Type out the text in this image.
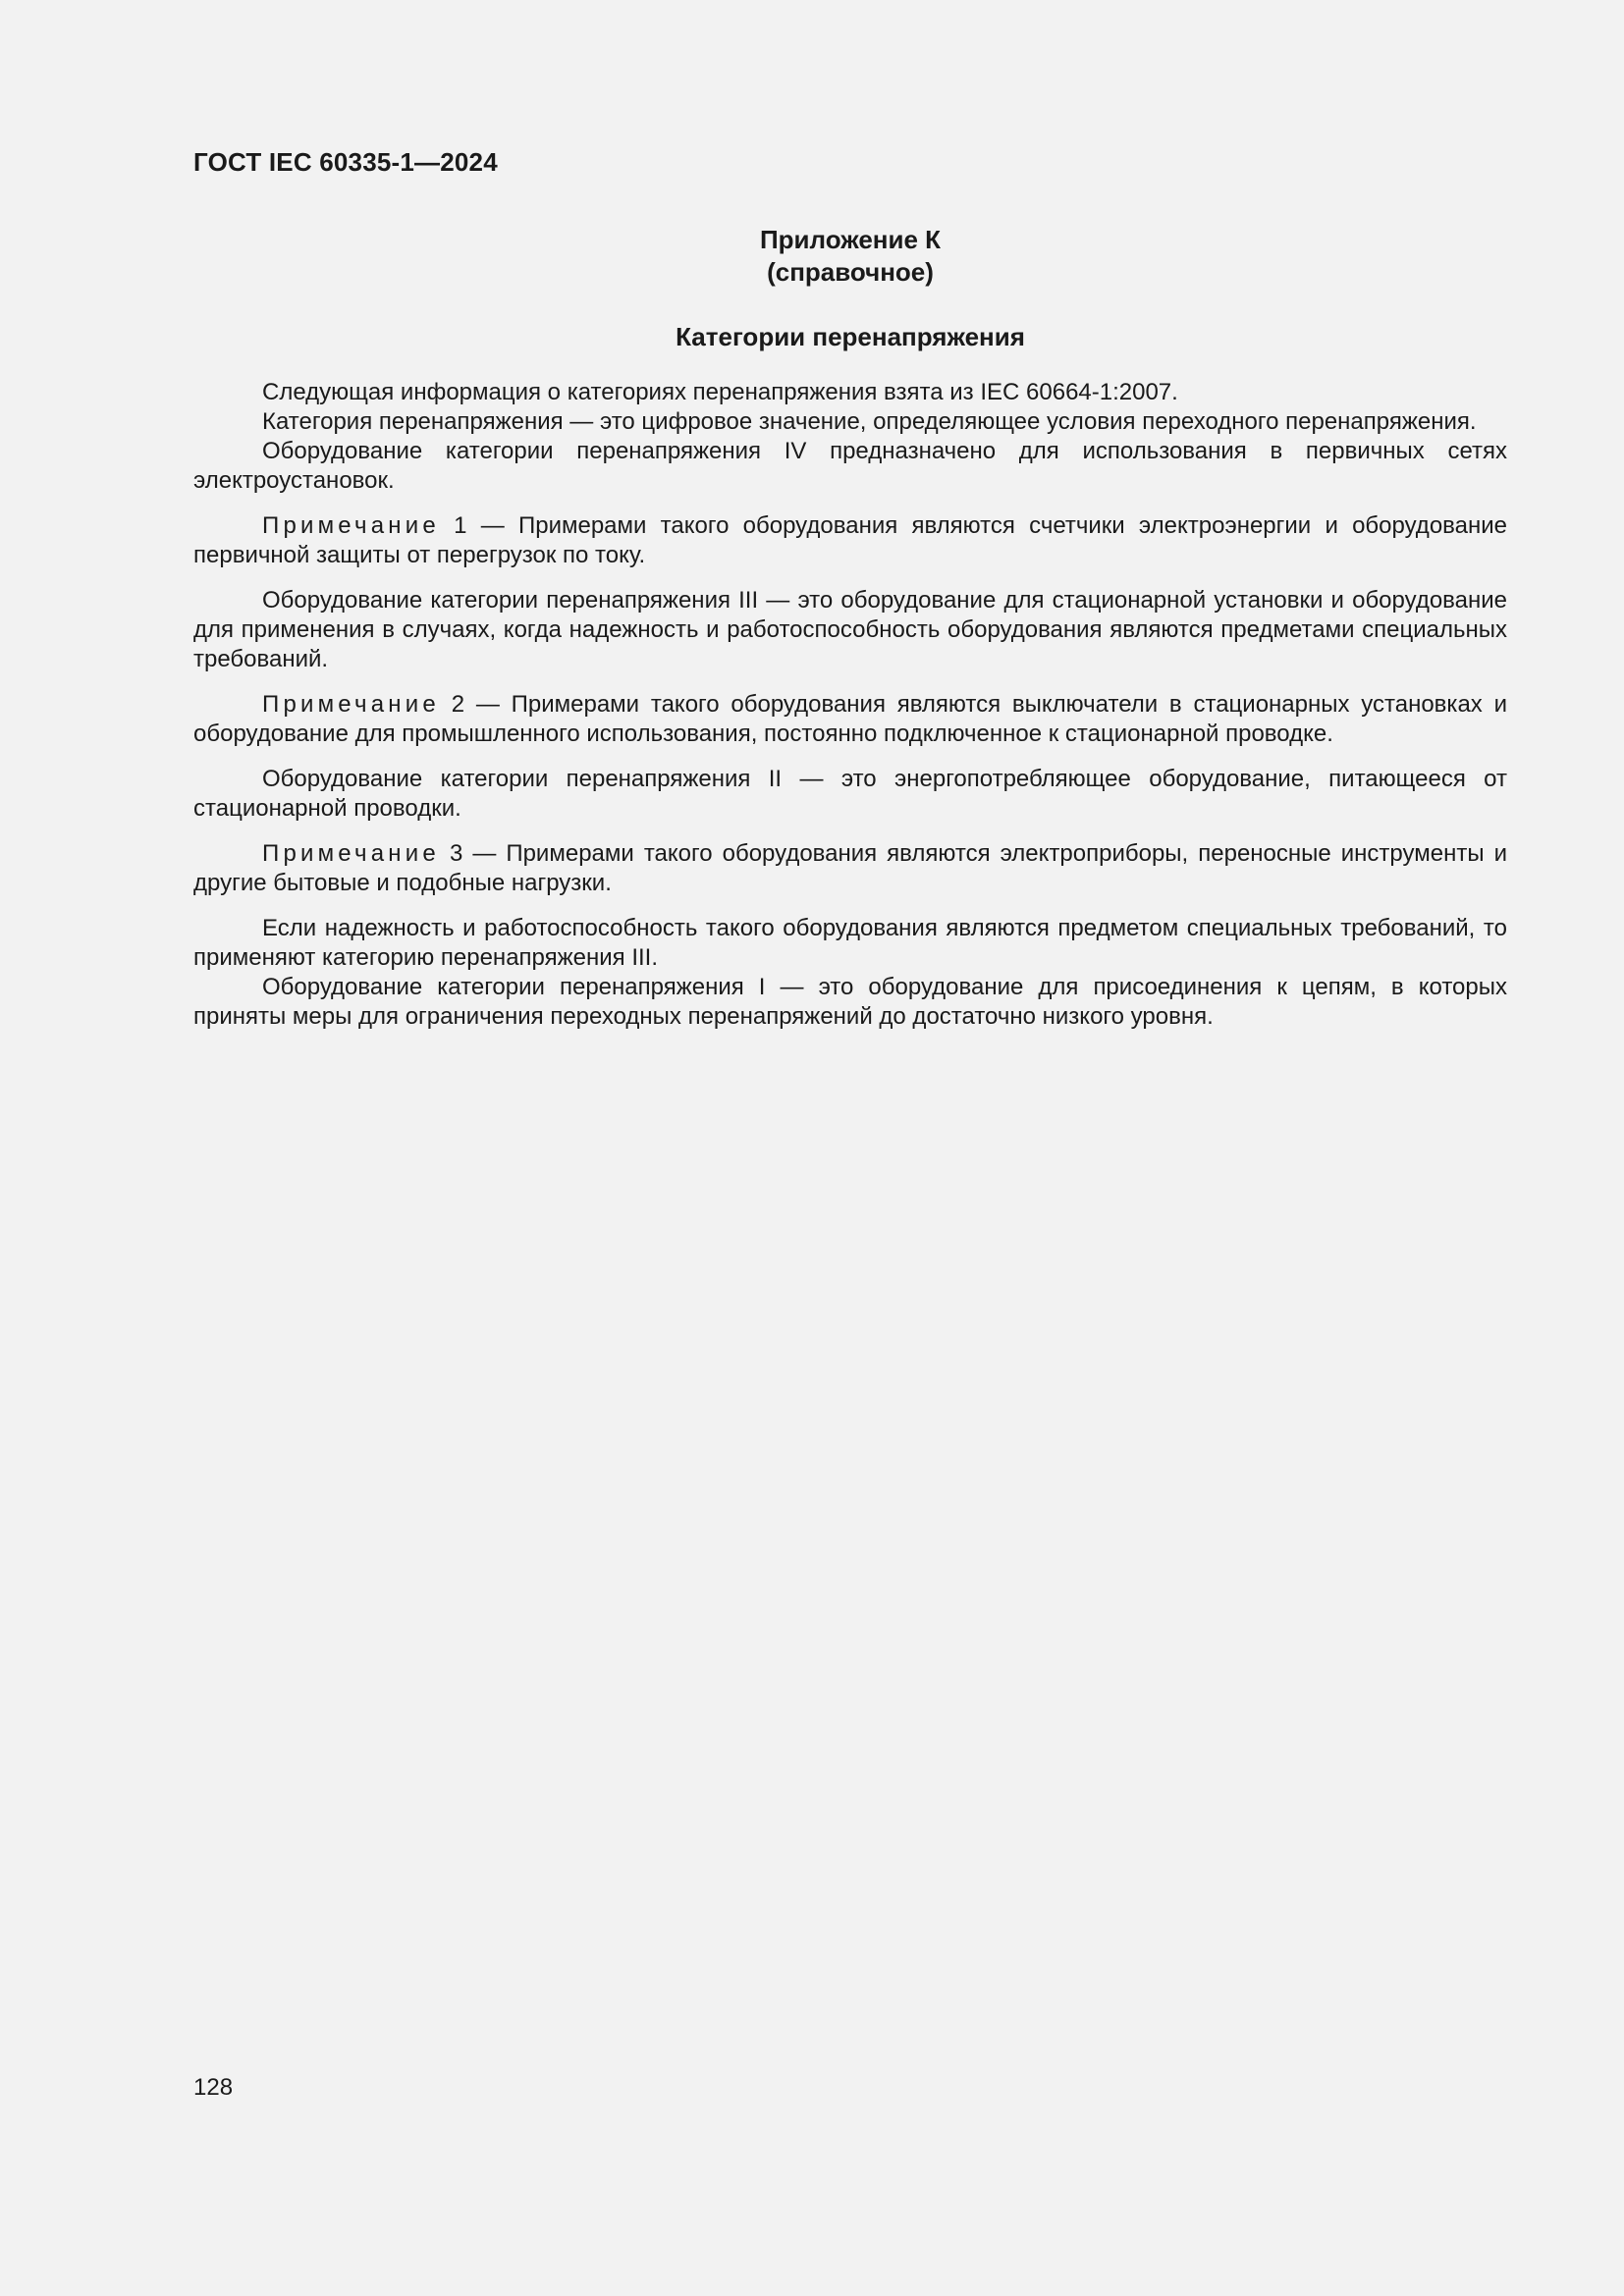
ГОСТ IEC 60335-1—2024
Приложение К
(справочное)
Категории перенапряжения

Следующая информация о категориях перенапряжения взята из IEC 60664-1:2007.

Категория перенапряжения — это цифровое значение, определяющее условия переходного перенапряжения.

Оборудование категории перенапряжения IV предназначено для использования в первичных сетях электроустановок.

Примечание 1 — Примерами такого оборудования являются счетчики электроэнергии и оборудование первичной защиты от перегрузок по току.

Оборудование категории перенапряжения III — это оборудование для стационарной установки и оборудование для применения в случаях, когда надежность и работоспособность оборудования являются предметами специальных требований.

Примечание 2 — Примерами такого оборудования являются выключатели в стационарных установках и оборудование для промышленного использования, постоянно подключенное к стационарной проводке.

Оборудование категории перенапряжения II — это энергопотребляющее оборудование, питающееся от стационарной проводки.

Примечание 3 — Примерами такого оборудования являются электроприборы, переносные инструменты и другие бытовые и подобные нагрузки.

Если надежность и работоспособность такого оборудования являются предметом специальных требований, то применяют категорию перенапряжения III.

Оборудование категории перенапряжения I — это оборудование для присоединения к цепям, в которых приняты меры для ограничения переходных перенапряжений до достаточно низкого уровня.

128
